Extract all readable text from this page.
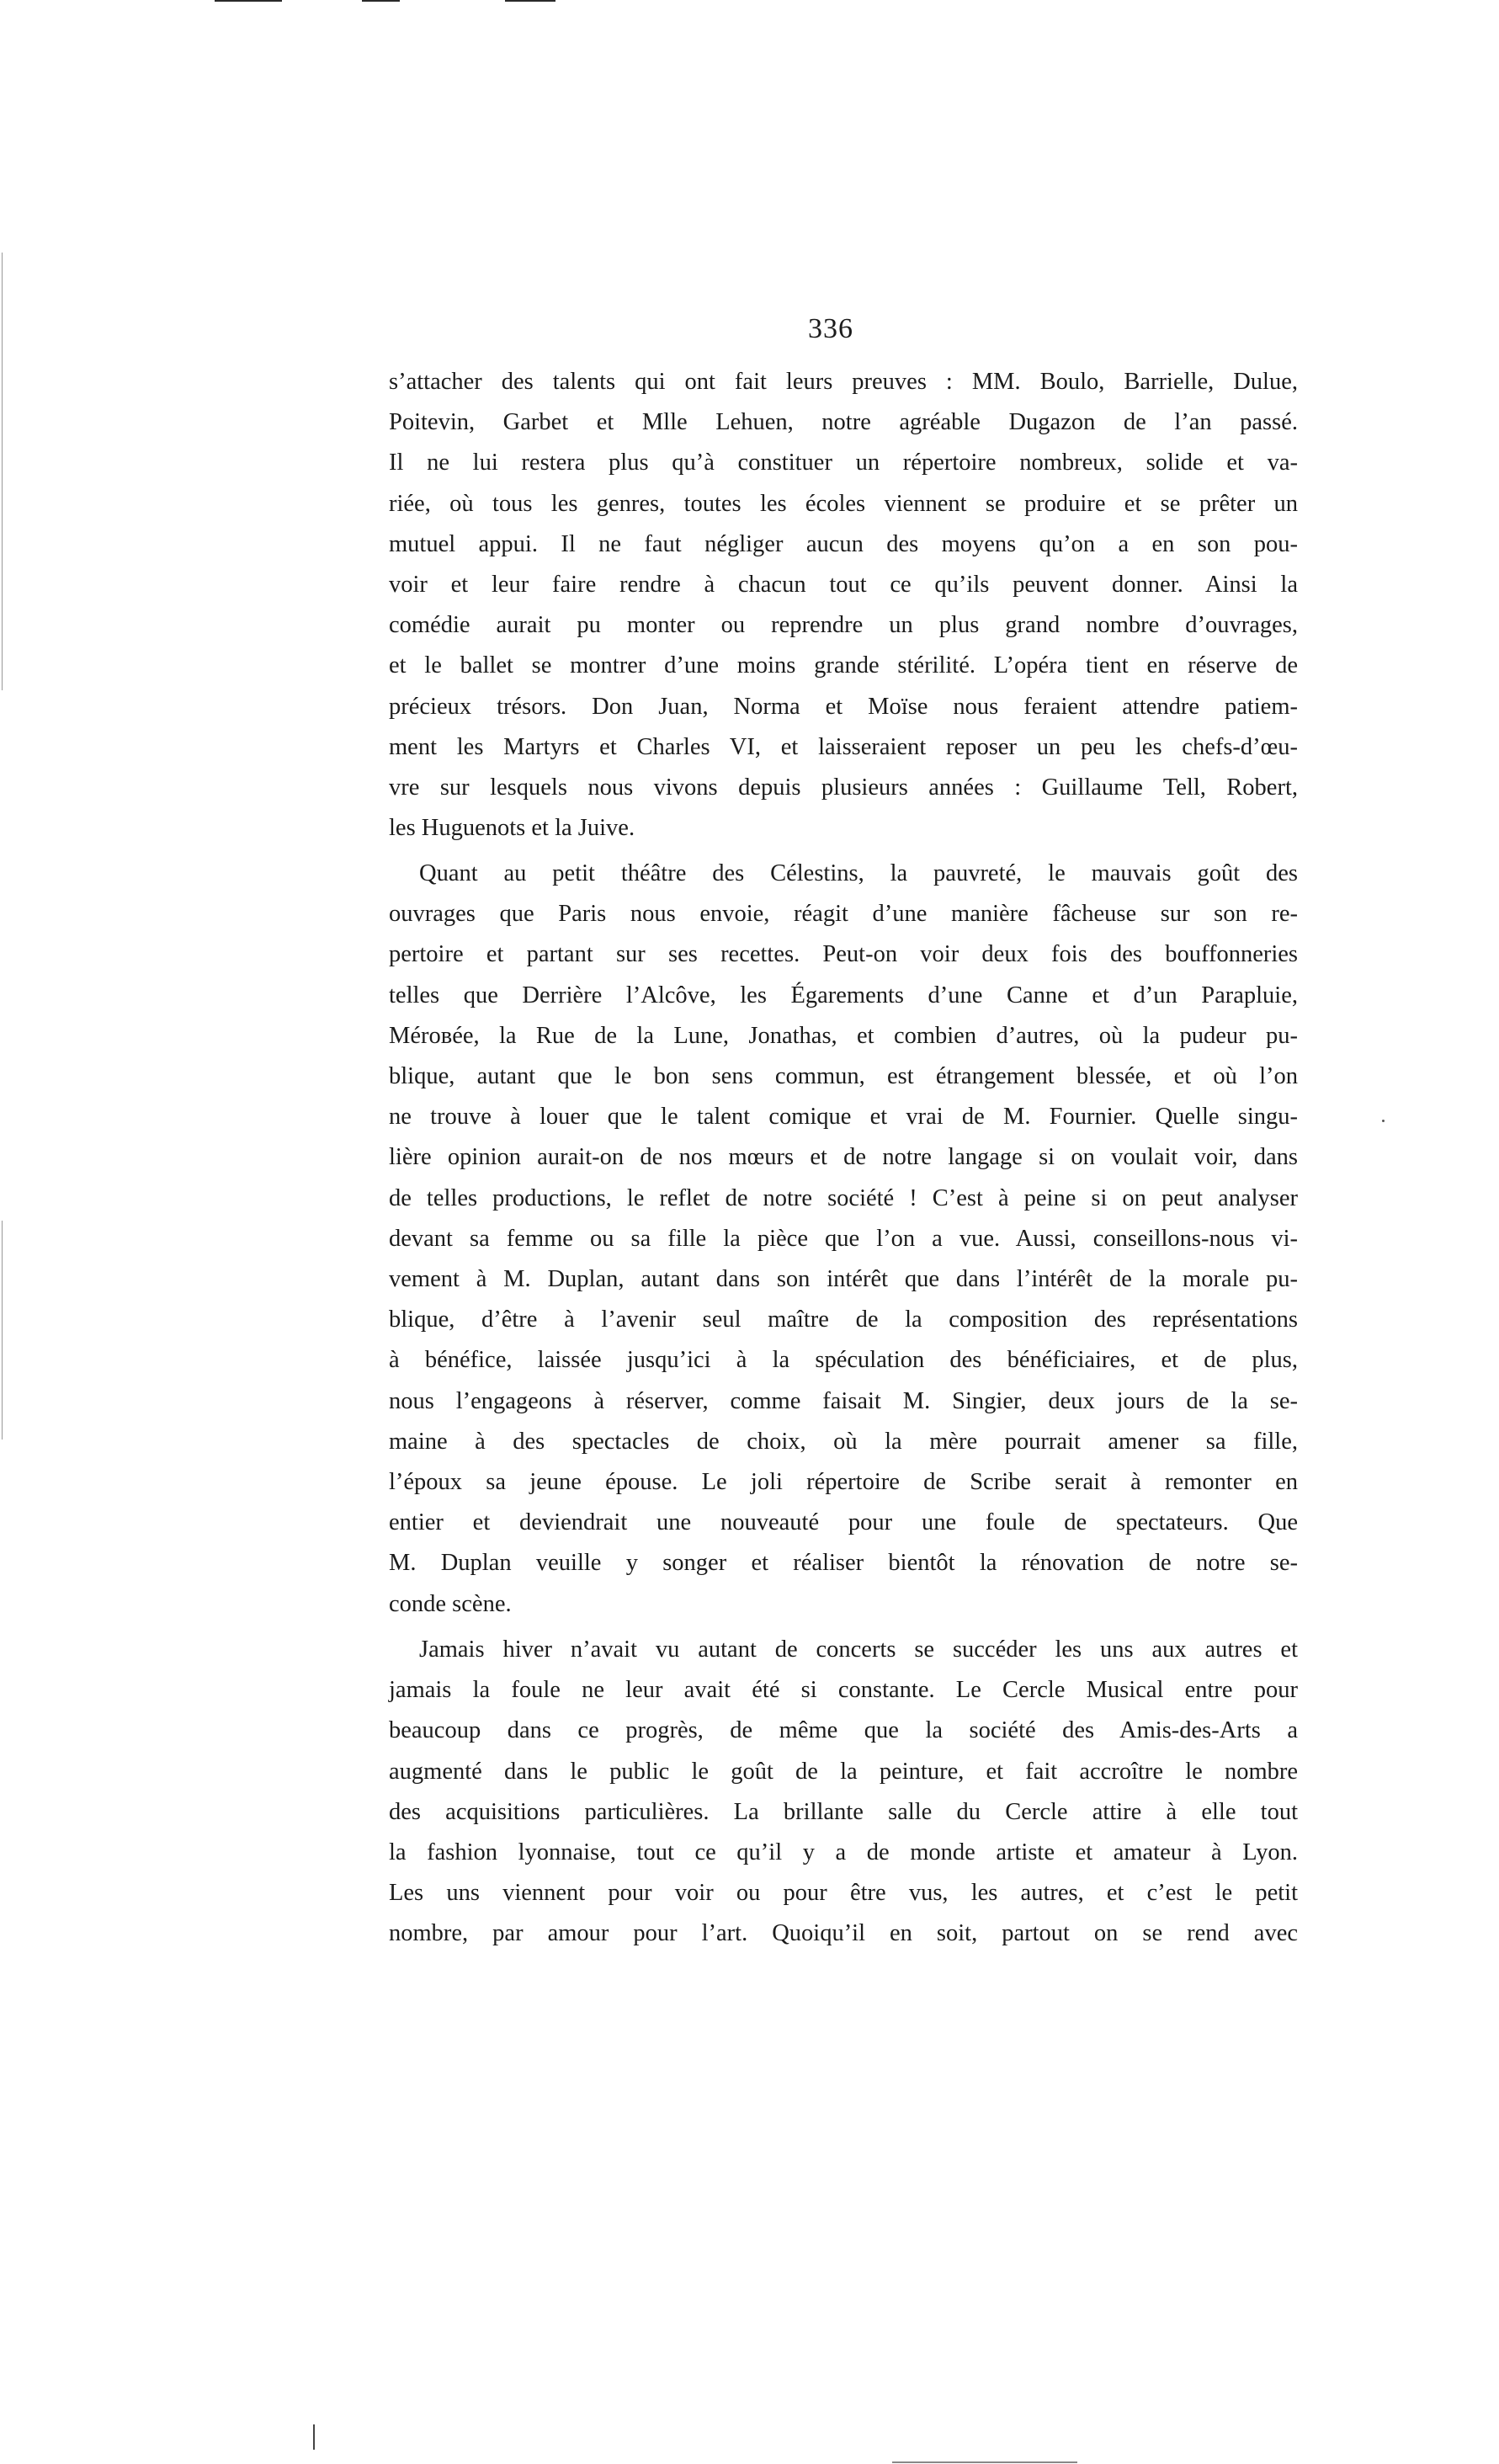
336
s’attacher des talents qui ont fait leurs preuves : MM. Boulo, Barrielle, Dulue,
Poitevin, Garbet et Mlle Lehuen, notre agréable Dugazon de l’an passé.
Il ne lui restera plus qu’à constituer un répertoire nombreux, solide et va-
riée, où tous les genres, toutes les écoles viennent se produire et se prêter un
mutuel appui. Il ne faut négliger aucun des moyens qu’on a en son pou-
voir et leur faire rendre à chacun tout ce qu’ils peuvent donner. Ainsi la
comédie aurait pu monter ou reprendre un plus grand nombre d’ouvrages,
et le ballet se montrer d’une moins grande stérilité. L’opéra tient en réserve de
précieux trésors. Don Juan, Norma et Moïse nous feraient attendre patiem-
ment les Martyrs et Charles VI, et laisseraient reposer un peu les chefs-d’œu-
vre sur lesquels nous vivons depuis plusieurs années : Guillaume Tell, Robert,
les Huguenots et la Juive.
Quant au petit théâtre des Célestins, la pauvreté, le mauvais goût des
ouvrages que Paris nous envoie, réagit d’une manière fâcheuse sur son re-
pertoire et partant sur ses recettes. Peut-on voir deux fois des bouffonneries
telles que Derrière l’Alcôve, les Égarements d’une Canne et d’un Parapluie,
Méroвée, la Rue de la Lune, Jonathas, et combien d’autres, où la pudeur pu-
blique, autant que le bon sens commun, est étrangement blessée, et où l’on
ne trouve à louer que le talent comique et vrai de M. Fournier. Quelle singu-
lière opinion aurait-on de nos mœurs et de notre langage si on voulait voir, dans
de telles productions, le reflet de notre société ! C’est à peine si on peut analyser
devant sa femme ou sa fille la pièce que l’on a vue. Aussi, conseillons-nous vi-
vement à M. Duplan, autant dans son intérêt que dans l’intérêt de la morale pu-
blique, d’être à l’avenir seul maître de la composition des représentations
à bénéfice, laissée jusqu’ici à la spéculation des bénéficiaires, et de plus,
nous l’engageons à réserver, comme faisait M. Singier, deux jours de la se-
maine à des spectacles de choix, où la mère pourrait amener sa fille,
l’époux sa jeune épouse. Le joli répertoire de Scribe serait à remonter en
entier et deviendrait une nouveauté pour une foule de spectateurs. Que
M. Duplan veuille y songer et réaliser bientôt la rénovation de notre se-
conde scène.
Jamais hiver n’avait vu autant de concerts se succéder les uns aux autres et
jamais la foule ne leur avait été si constante. Le Cercle Musical entre pour
beaucoup dans ce progrès, de même que la société des Amis-des-Arts a
augmenté dans le public le goût de la peinture, et fait accroître le nombre
des acquisitions particulières. La brillante salle du Cercle attire à elle tout
la fashion lyonnaise, tout ce qu’il y a de monde artiste et amateur à Lyon.
Les uns viennent pour voir ou pour être vus, les autres, et c’est le petit
nombre, par amour pour l’art. Quoiqu’il en soit, partout on se rend avec
